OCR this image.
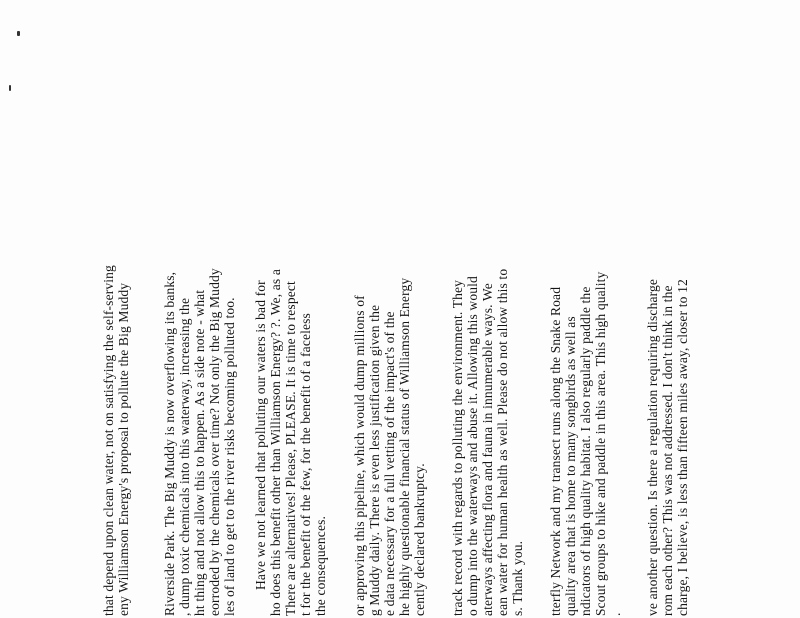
that depend upon clean water, not on satisfying the self-serving eny Williamson Energy's proposal to pollute the Big Muddy Riverside Park. The Big Muddy is now overflowing its banks, , dump toxic chemicals into this waterway, increasing the ht thing and not allow this to happen. As a side note - what eorroded by the chemicals over time? Not only the Big Muddy les of land to get to the river risks becoming polluted too. Have we not learned that polluting our waters is bad for ho does this benefit other than Williamson Energy? ?. We, as a There are alternatives! Please, PLEASE. It is time to respect t for the benefit of the few, for the benefit of a faceless the consequences. or approving this pipeline, which would dump millions of g Muddy daily. There is even less justification given the e data necessary for a full vetting of the impact's of the he highly questionable financial status of Williamson Energy cently declared bankruptcy. track record with regards to polluting the environment. They o dump into the waterways and abuse it. Allowing this would aterways affecting flora and fauna in innumerable ways. We ean water for human health as well. Please do not allow this to s. Thank you. tterfly Network and my transect runs along the Snake Road quality area that is home to many songbirds as well as ndicators of high quality habitat. I also regularly paddle the Scout groups to hike and paddle in this area. This high quality . ve another question. Is there a regulation requiring discharge rom each other? This was not addressed. I don't think in the charge, I believe, is less than fifteen miles away, closer to 12
